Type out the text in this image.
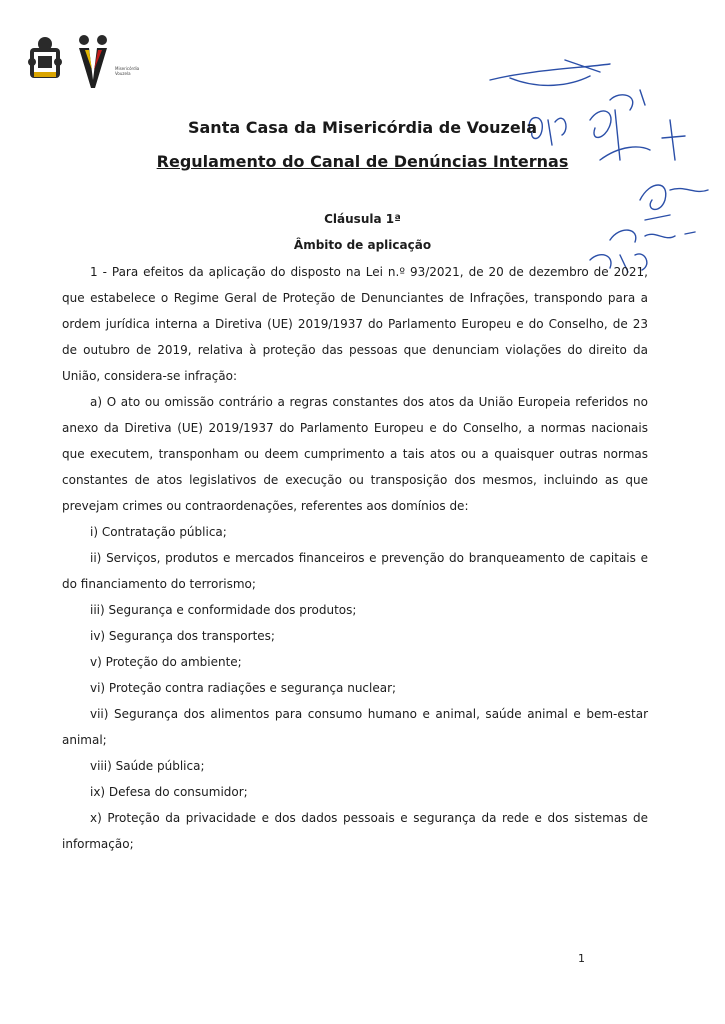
Misericórdia Vouzela
Santa Casa da Misericórdia de Vouzela
Regulamento do Canal de Denúncias Internas
Cláusula 1ª
Âmbito de aplicação

1 - Para efeitos da aplicação do disposto na Lei n.º 93/2021, de 20 de dezembro de 2021, que estabelece o Regime Geral de Proteção de Denunciantes de Infrações, transpondo para a ordem jurídica interna a Diretiva (UE) 2019/1937 do Parlamento Europeu e do Conselho, de 23 de outubro de 2019, relativa à proteção das pessoas que denunciam violações do direito da União, considera-se infração:

a) O ato ou omissão contrário a regras constantes dos atos da União Europeia referidos no anexo da Diretiva (UE) 2019/1937 do Parlamento Europeu e do Conselho, a normas nacionais que executem, transponham ou deem cumprimento a tais atos ou a quaisquer outras normas constantes de atos legislativos de execução ou transposição dos mesmos, incluindo as que prevejam crimes ou contraordenações, referentes aos domínios de:

i) Contratação pública;

ii) Serviços, produtos e mercados financeiros e prevenção do branqueamento de capitais e do financiamento do terrorismo;

iii) Segurança e conformidade dos produtos;

iv) Segurança dos transportes;

v) Proteção do ambiente;

vi) Proteção contra radiações e segurança nuclear;

vii) Segurança dos alimentos para consumo humano e animal, saúde animal e bem-estar animal;

viii) Saúde pública;

ix) Defesa do consumidor;

x) Proteção da privacidade e dos dados pessoais e segurança da rede e dos sistemas de informação;

1
